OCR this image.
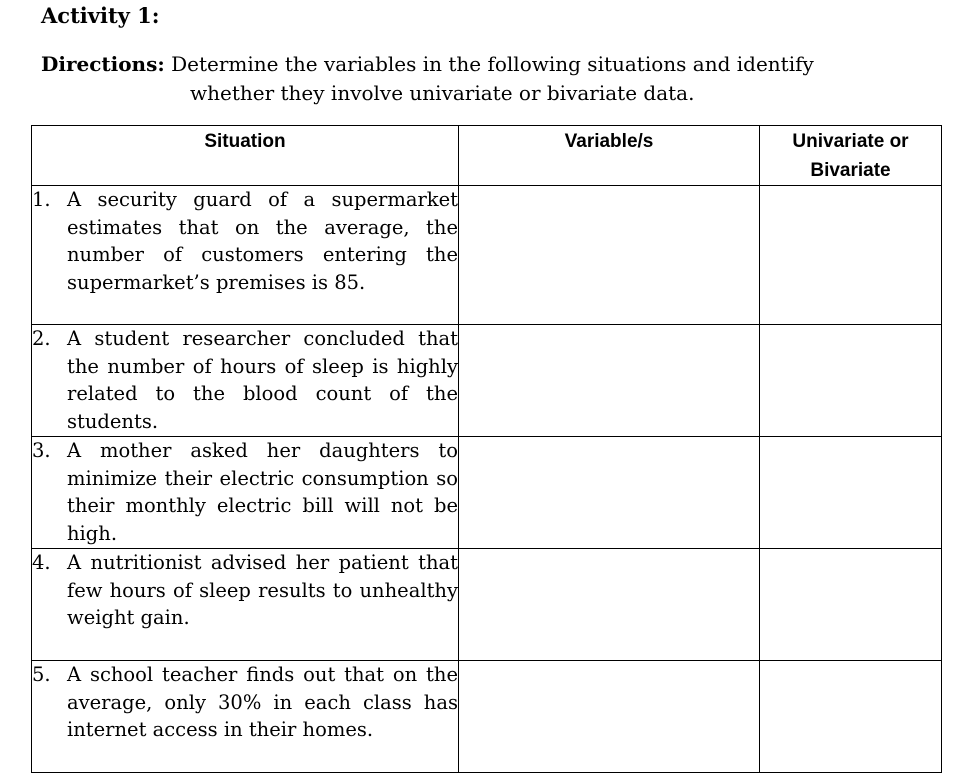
Activity 1:
Directions: Determine the variables in the following situations and identify
whether they involve univariate or bivariate data.
Situation	Variable/s	Univariate or
Bivariate

1. A security guard of a supermarket estimates that on the average, the number of customers entering the supermarket’s premises is 85.		

2. A student researcher concluded that the number of hours of sleep is highly related to the blood count of the students.		

3. A mother asked her daughters to minimize their electric consumption so their monthly electric bill will not be high.		

4. A nutritionist advised her patient that few hours of sleep results to unhealthy weight gain.		

5. A school teacher finds out that on the average, only 30% in each class has internet access in their homes.		
